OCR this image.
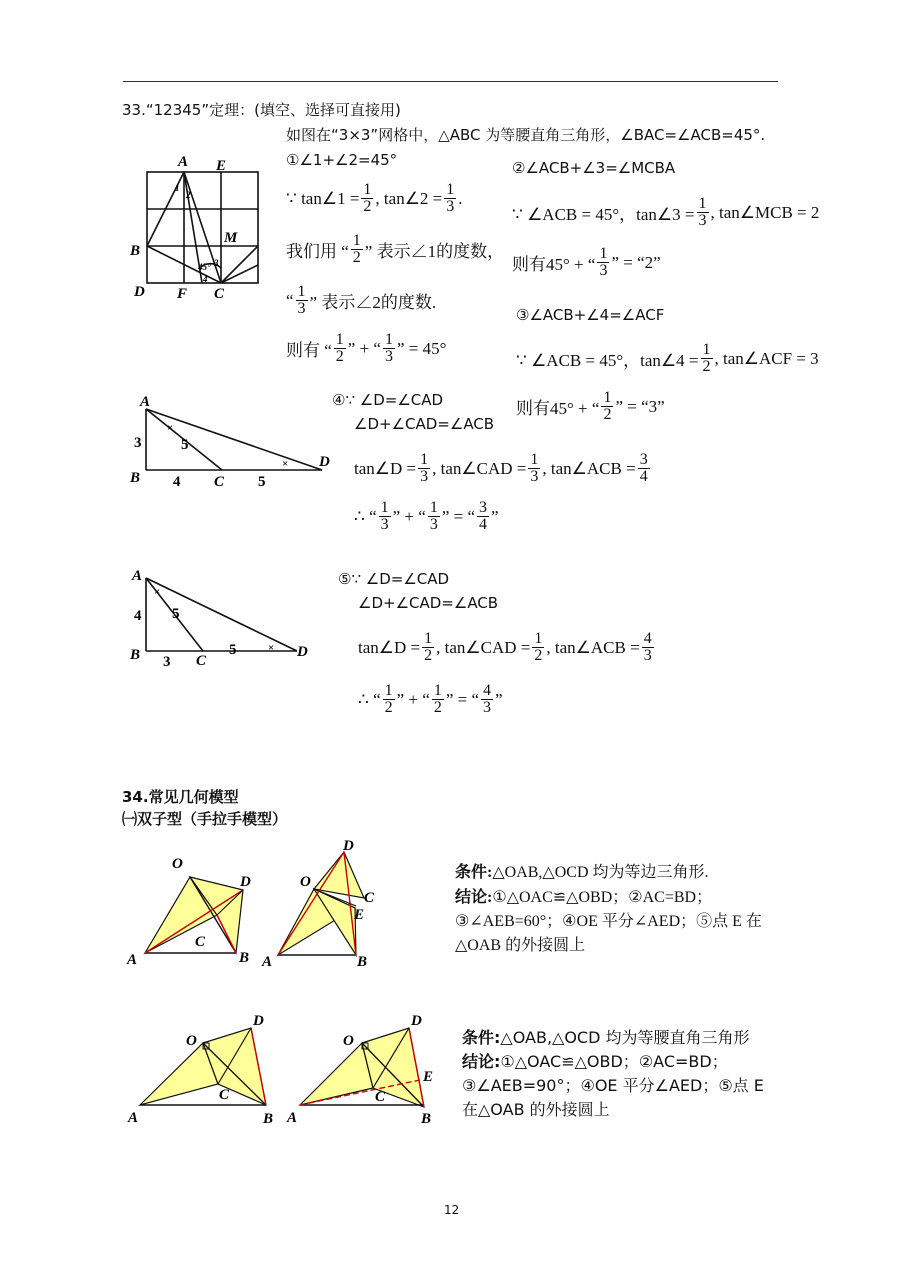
33.“12345”定理：(填空、选择可直接用)
如图在“3×3”网格中，△ABC 为等腰直角三角形，∠BAC=∠ACB=45°.
①∠1+∠2=45°
∵ tan∠1 = $\frac{1}{2}$ , tan∠2 = $\frac{1}{3}$ .
我们用 “ $\frac{1}{2}$ ” 表示∠1的度数，
“ $\frac{1}{3}$ ” 表示∠2的度数.
则有 “ $\frac{1}{2}$ ” + “ $\frac{1}{3}$ ” = 45°
②∠ACB+∠3=∠MCBA
∵ ∠ACB = 45°，tan∠3 = $\frac{1}{3}$ , tan∠MCB = 2
则有45° + “ $\frac{1}{3}$ ” = “2”
③∠ACB+∠4=∠ACF
∵ ∠ACB = 45°，tan∠4 = $\frac{1}{2}$ , tan∠ACF = 3
则有45° + “ $\frac{1}{2}$ ” = “3”
④∵ ∠D=∠CAD
∠D+∠CAD=∠ACB
tan∠D = $\frac{1}{3}$ , tan∠CAD = $\frac{1}{3}$ , tan∠ACB = $\frac{3}{4}$
∴ “ $\frac{1}{3}$ ” + “ $\frac{1}{3}$ ” = “ $\frac{3}{4}$ ”
⑤∵ ∠D=∠CAD
∠D+∠CAD=∠ACB
tan∠D = $\frac{1}{2}$ , tan∠CAD = $\frac{1}{2}$ , tan∠ACB = $\frac{4}{3}$
∴ “ $\frac{1}{2}$ ” + “ $\frac{1}{2}$ ” = “ $\frac{4}{3}$ ”
A E
B
M
D F C
1
2
45° 3
4
A
B	C
D
3
4
5
5
×
×
A
B	C
D
4
3
5
5
×
×
O
A	B
C
D	O
A	B
C
D
E
O
A	B
C
D
O
A	B
C
D
E
34.常见几何模型
㈠双子型（手拉手模型）
条件:△OAB,△OCD 均为等边三角形.
结论:①△OAC≌△OBD；②AC=BD；
③∠AEB=60°；④OE 平分∠AED；⑤点 E 在
△OAB 的外接圆上
条件:△OAB,△OCD 均为等腰直角三角形
结论:①△OAC≌△OBD；②AC=BD；
③∠AEB=90°；④OE 平分∠AED；⑤点 E
在△OAB 的外接圆上
12
